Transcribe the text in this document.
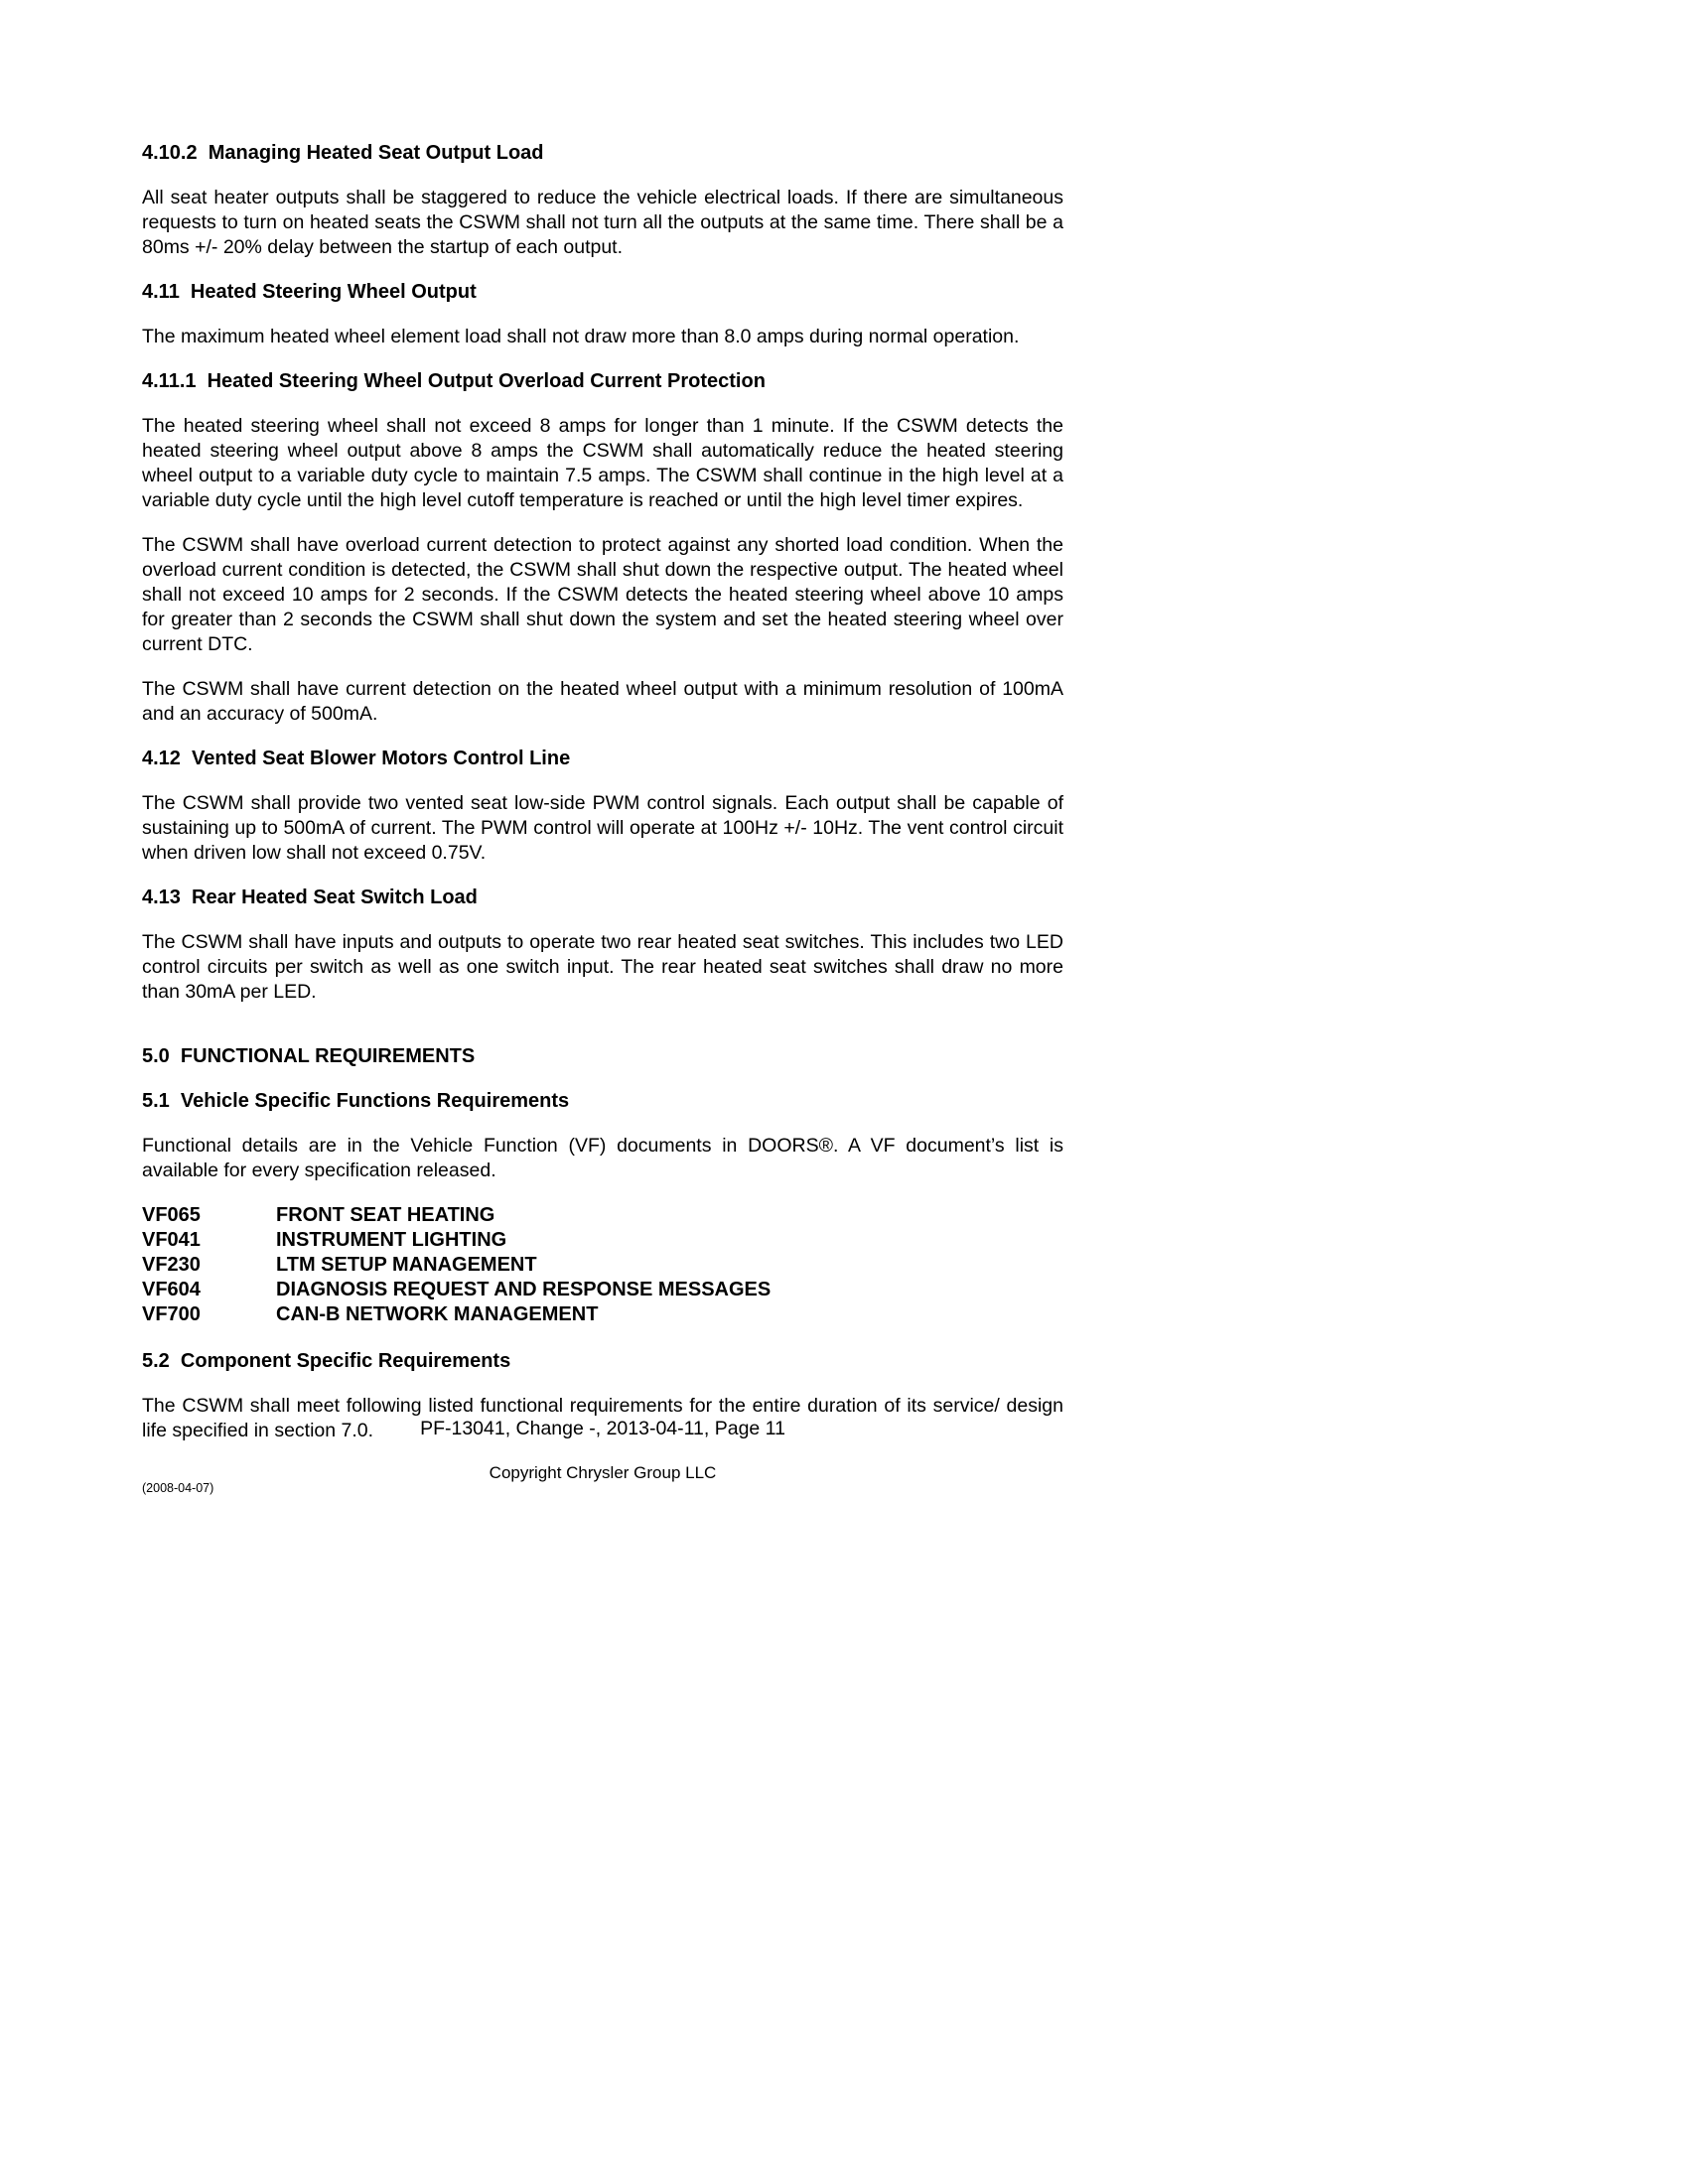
4.10.2  Managing Heated Seat Output Load

All seat heater outputs shall be staggered to reduce the vehicle electrical loads. If there are simultaneous requests to turn on heated seats the CSWM shall not turn all the outputs at the same time. There shall be a 80ms +/- 20% delay between the startup of each output.

4.11  Heated Steering Wheel Output

The maximum heated wheel element load shall not draw more than 8.0 amps during normal operation.

4.11.1  Heated Steering Wheel Output Overload Current Protection

The heated steering wheel shall not exceed 8 amps for longer than 1 minute. If the CSWM detects the heated steering wheel output above 8 amps the CSWM shall automatically reduce the heated steering wheel output to a variable duty cycle to maintain 7.5 amps. The CSWM shall continue in the high level at a variable duty cycle until the high level cutoff temperature is reached or until the high level timer expires.

The CSWM shall have overload current detection to protect against any shorted load condition. When the overload current condition is detected, the CSWM shall shut down the respective output. The heated wheel shall not exceed 10 amps for 2 seconds. If the CSWM detects the heated steering wheel above 10 amps for greater than 2 seconds the CSWM shall shut down the system and set the heated steering wheel over current DTC.

The CSWM shall have current detection on the heated wheel output with a minimum resolution of 100mA and an accuracy of 500mA.

4.12  Vented Seat Blower Motors Control Line

The CSWM shall provide two vented seat low-side PWM control signals. Each output shall be capable of sustaining up to 500mA of current. The PWM control will operate at 100Hz +/- 10Hz. The vent control circuit when driven low shall not exceed 0.75V.

4.13  Rear Heated Seat Switch Load

The CSWM shall have inputs and outputs to operate two rear heated seat switches. This includes two LED control circuits per switch as well as one switch input. The rear heated seat switches shall draw no more than 30mA per LED.

5.0  FUNCTIONAL REQUIREMENTS
5.1  Vehicle Specific Functions Requirements

Functional details are in the Vehicle Function (VF) documents in DOORS®. A VF document’s list is available for every specification released.

VF065	FRONT SEAT HEATING
VF041	INSTRUMENT LIGHTING
VF230	LTM SETUP MANAGEMENT
VF604	DIAGNOSIS REQUEST AND RESPONSE MESSAGES
VF700	CAN-B NETWORK MANAGEMENT
5.2  Component Specific Requirements

The CSWM shall meet following listed functional requirements for the entire duration of its service/ design life specified in section 7.0.	PF-13041, Change -, 2013-04-11, Page 11
Copyright Chrysler Group LLC
(2008-04-07)
